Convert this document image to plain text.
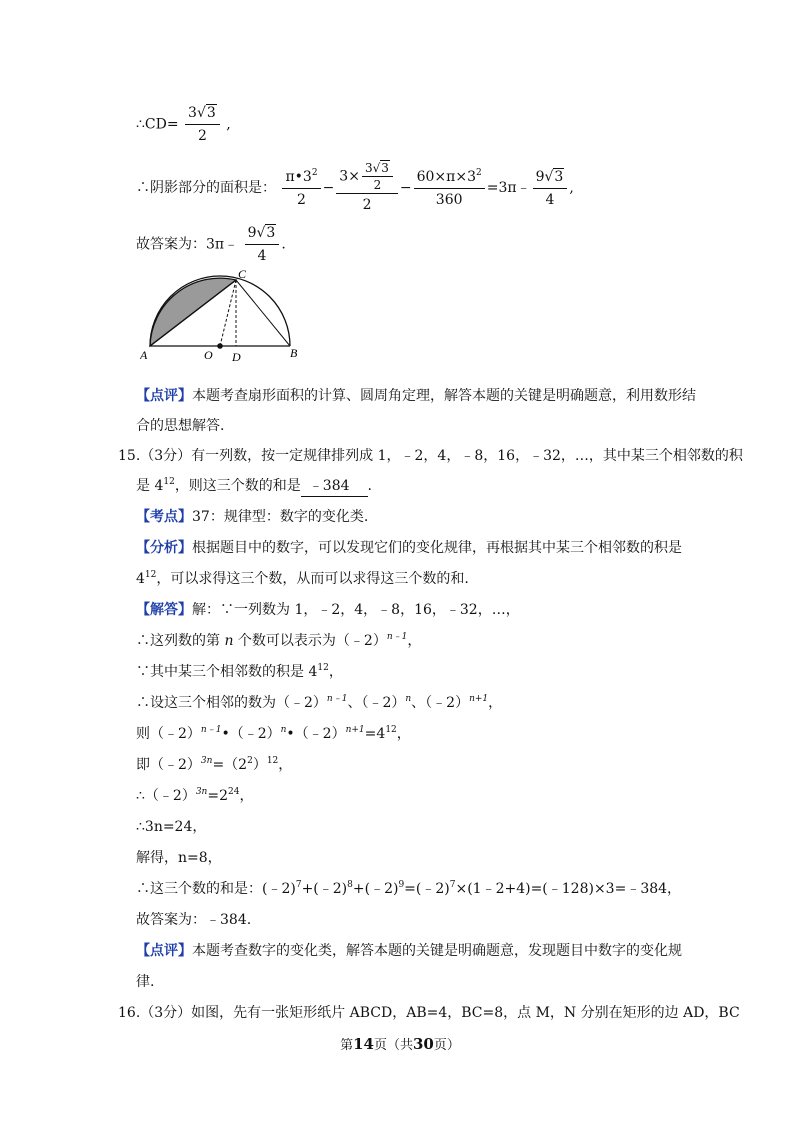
∴CD= $\frac{3√3}{2}$ ,
∴阴影部分的面积是： $\frac{\pi•3^2}{2} - \frac{3\times \frac{3√3}{2}}{2} - \frac{60\times\pi\times 3^2}{360}$ =3π﹣ $\frac{9√3}{4}$ ,
故答案为：3π﹣ $\frac{9√3}{4}$ .
A	B
C
D
O
【点评】本题考查扇形面积的计算、圆周角定理，解答本题的关键是明确题意，利用数形结
合的思想解答.
15.（3分）有一列数，按一定规律排列成 1，﹣2，4，﹣8，16，﹣32，…，其中某三个相邻数的积
是 $4^{12}$，则这三个数的和是 ﹣384 .
【考点】37：规律型：数字的变化类.
【分析】根据题目中的数字，可以发现它们的变化规律，再根据其中某三个相邻数的积是
$4^{12}$，可以求得这三个数，从而可以求得这三个数的和.
【解答】解：∵一列数为 1，﹣2，4，﹣8，16，﹣32，…，
∴这列数的第 n 个数可以表示为（﹣2）$^{n﹣1}$，
∵其中某三个相邻数的积是 $4^{12}$，
∴设这三个相邻的数为（﹣2）$^{n﹣1}$、（﹣2）$^n$、（﹣2）$^{n+1}$，
则$(﹣2)^{n﹣1}•(﹣2)^n•(﹣2)^{n+1}=4^{12}$，
即$(﹣2)^{3n}=(2^2)^{12}$，
$\therefore(﹣2)^{3n}=2^{24}$，
∴3n=24，
解得，n=8，
∴这三个数的和是：(﹣2)$^7$+(﹣2)$^8$+(﹣2)$^9$=(﹣2)$^7$×(1﹣2+4)=(﹣128)×3=﹣384，
故答案为：﹣384.
【点评】本题考查数字的变化类，解答本题的关键是明确题意，发现题目中数字的变化规
律.
16.（3分）如图，先有一张矩形纸片 ABCD，AB=4，BC=8，点 M，N 分别在矩形的边 AD，BC
第14页（共30页）
